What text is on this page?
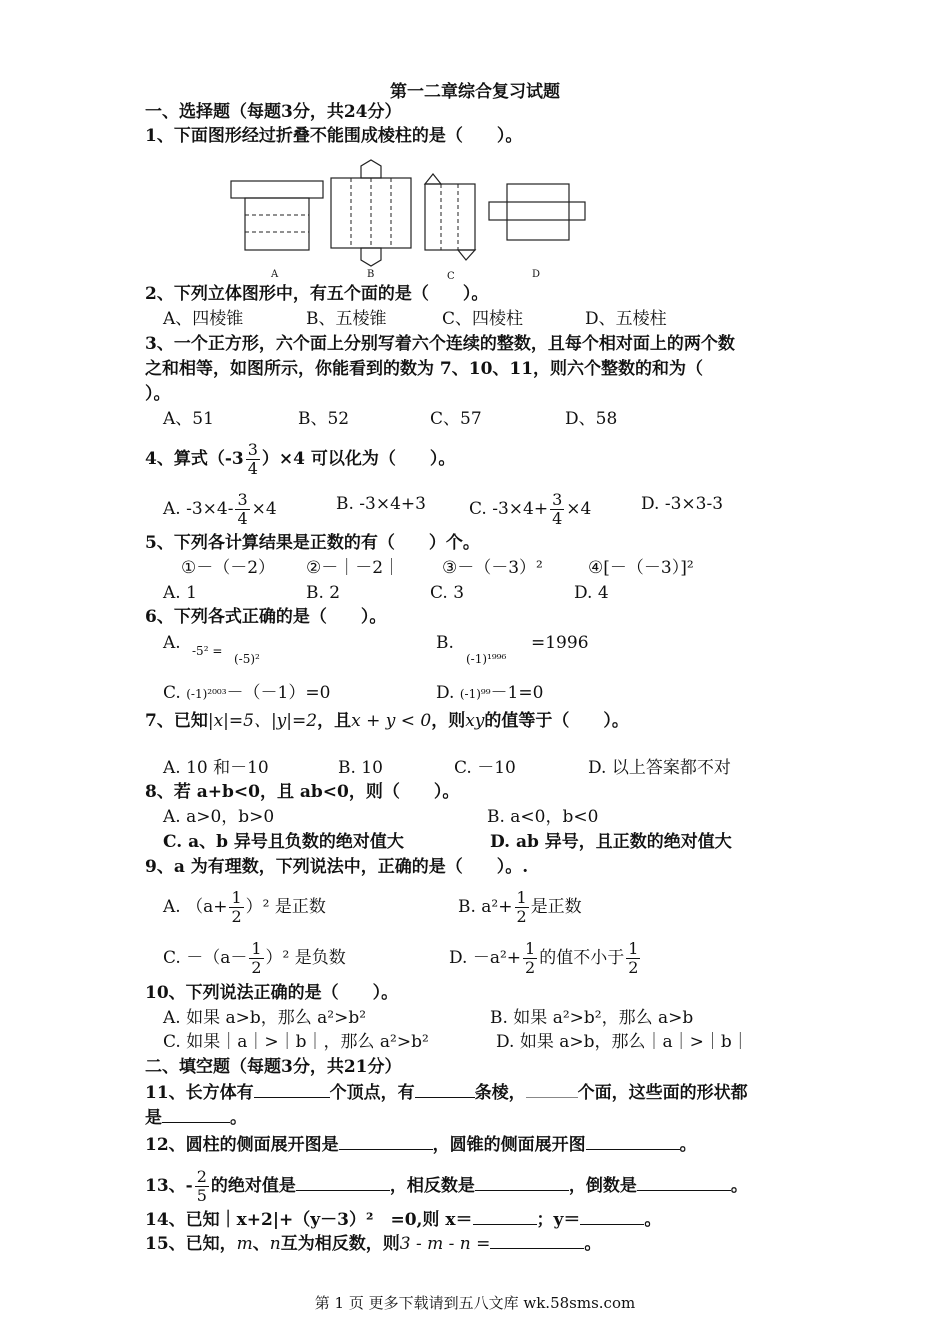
第一二章综合复习试题
一、选择题（每题3分，共24分）
1、下面图形经过折叠不能围成棱柱的是（　　）。
A	B	C	D
2、下列立体图形中，有五个面的是（　　）。
A、四棱锥	B、五棱锥	C、四棱柱	D、五棱柱
3、一个正方形，六个面上分别写着六个连续的整数，且每个相对面上的两个数
之和相等，如图所示，你能看到的数为 7、10、11，则六个整数的和为（
）。
A、51	B、52	C、57	D、58
4、算式$(-3 \frac{3}{4} )\times 4$ 可以化为（　　）。
A. $-3\times 4- \frac{3}{4} \times 4$	B. -3×4+3	C. $-3\times 4+ \frac{3}{4} \times 4$	D. -3×3-3
5、下列各计算结果是正数的有（　　）个。
①－（－2） ②－｜－2｜ ③－（－3）²	④[－（－3）]²
A. 1	B. 2	C. 3	D. 4
6、下列各式正确的是（　　）。
A. -5² =
(-5)²
B.
(-1)¹⁹⁹⁶
=1996
C. (-1)²⁰⁰³－（－1）=0	D. (-1)⁹⁹－1=0
7、已知|x|=5、|y|=2，且x + y < 0，则xy的值等于（　　）。
A. 10 和－10	B. 10	C. －10	D. 以上答案都不对
8、若 a+b<0，且 ab<0，则（　　）。
A. a>0，b>0	B. a<0，b<0
C. a、b 异号且负数的绝对值大	D. ab 异号，且正数的绝对值大
9、a 为有理数，下列说法中，正确的是（　　）。.
A. $(a+ \frac{1}{2} )^2$ 是正数	B. $a^2+ \frac{1}{2}$ 是正数
C. $-(a- \frac{1}{2} )^2$ 是负数	D. $-a^2+ \frac{1}{2}$ 的值不小于 $\frac{1}{2}$
10、下列说法正确的是（　　）。
A. 如果 a>b，那么 a²>b²	B. 如果 a²>b²，那么 a>b
C. 如果｜a｜>｜b｜，那么 a²>b²	D. 如果 a>b，那么｜a｜>｜b｜
二、填空题（每题3分，共21分）
11、长方体有	个顶点，有	条棱，	个面，这些面的形状都
是	。
12、圆柱的侧面展开图是	，圆锥的侧面展开图	。
13、- $\frac{2}{5}$ 的绝对值是	，相反数是	，倒数是	。
14、已知｜x+2|+（y－3）²　=0,则 x＝	；y＝	。
15、已知，m、n互为相反数，则3 - m - n =	。
第 1 页 更多下载请到五八文库 wk.58sms.com
